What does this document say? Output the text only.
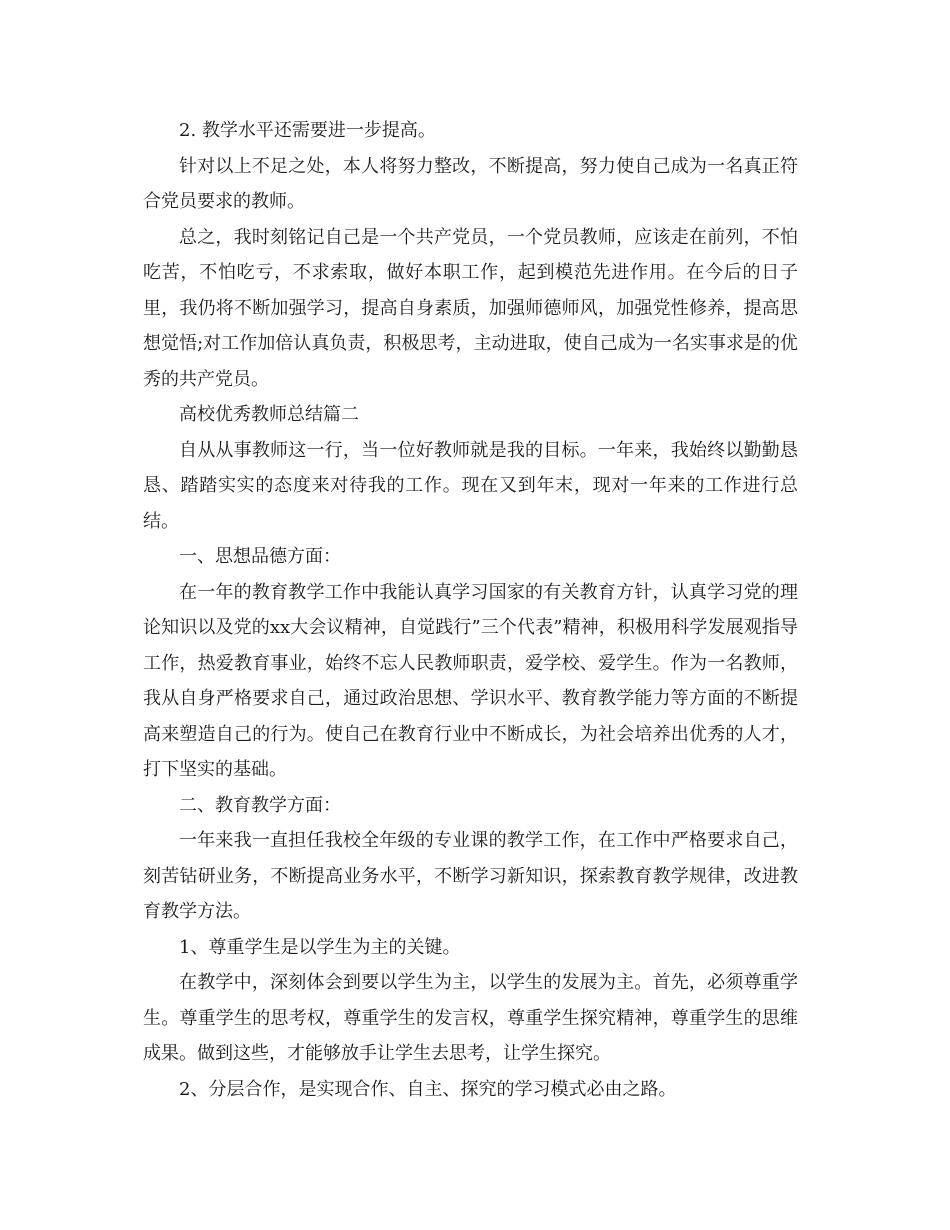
2. 教学水平还需要进一步提高。

针对以上不足之处，本人将努力整改，不断提高，努力使自己成为一名真正符合党员要求的教师。

总之，我时刻铭记自己是一个共产党员，一个党员教师，应该走在前列，不怕吃苦，不怕吃亏，不求索取，做好本职工作，起到模范先进作用。在今后的日子里，我仍将不断加强学习，提高自身素质，加强师德师风，加强党性修养，提高思想觉悟;对工作加倍认真负责，积极思考，主动进取，使自己成为一名实事求是的优秀的共产党员。

高校优秀教师总结篇二

自从从事教师这一行，当一位好教师就是我的目标。一年来，我始终以勤勤恳恳、踏踏实实的态度来对待我的工作。现在又到年末，现对一年来的工作进行总结。

一、思想品德方面：

在一年的教育教学工作中我能认真学习国家的有关教育方针，认真学习党的理论知识以及党的xx大会议精神，自觉践行”三个代表”精神，积极用科学发展观指导工作，热爱教育事业，始终不忘人民教师职责，爱学校、爱学生。作为一名教师，我从自身严格要求自己，通过政治思想、学识水平、教育教学能力等方面的不断提高来塑造自己的行为。使自己在教育行业中不断成长，为社会培养出优秀的人才，打下坚实的基础。

二、教育教学方面：

一年来我一直担任我校全年级的专业课的教学工作，在工作中严格要求自己，刻苦钻研业务，不断提高业务水平，不断学习新知识，探索教育教学规律，改进教育教学方法。

1、尊重学生是以学生为主的关键。

在教学中，深刻体会到要以学生为主，以学生的发展为主。首先，必须尊重学生。尊重学生的思考权，尊重学生的发言权，尊重学生探究精神，尊重学生的思维成果。做到这些，才能够放手让学生去思考，让学生探究。

2、分层合作，是实现合作、自主、探究的学习模式必由之路。
